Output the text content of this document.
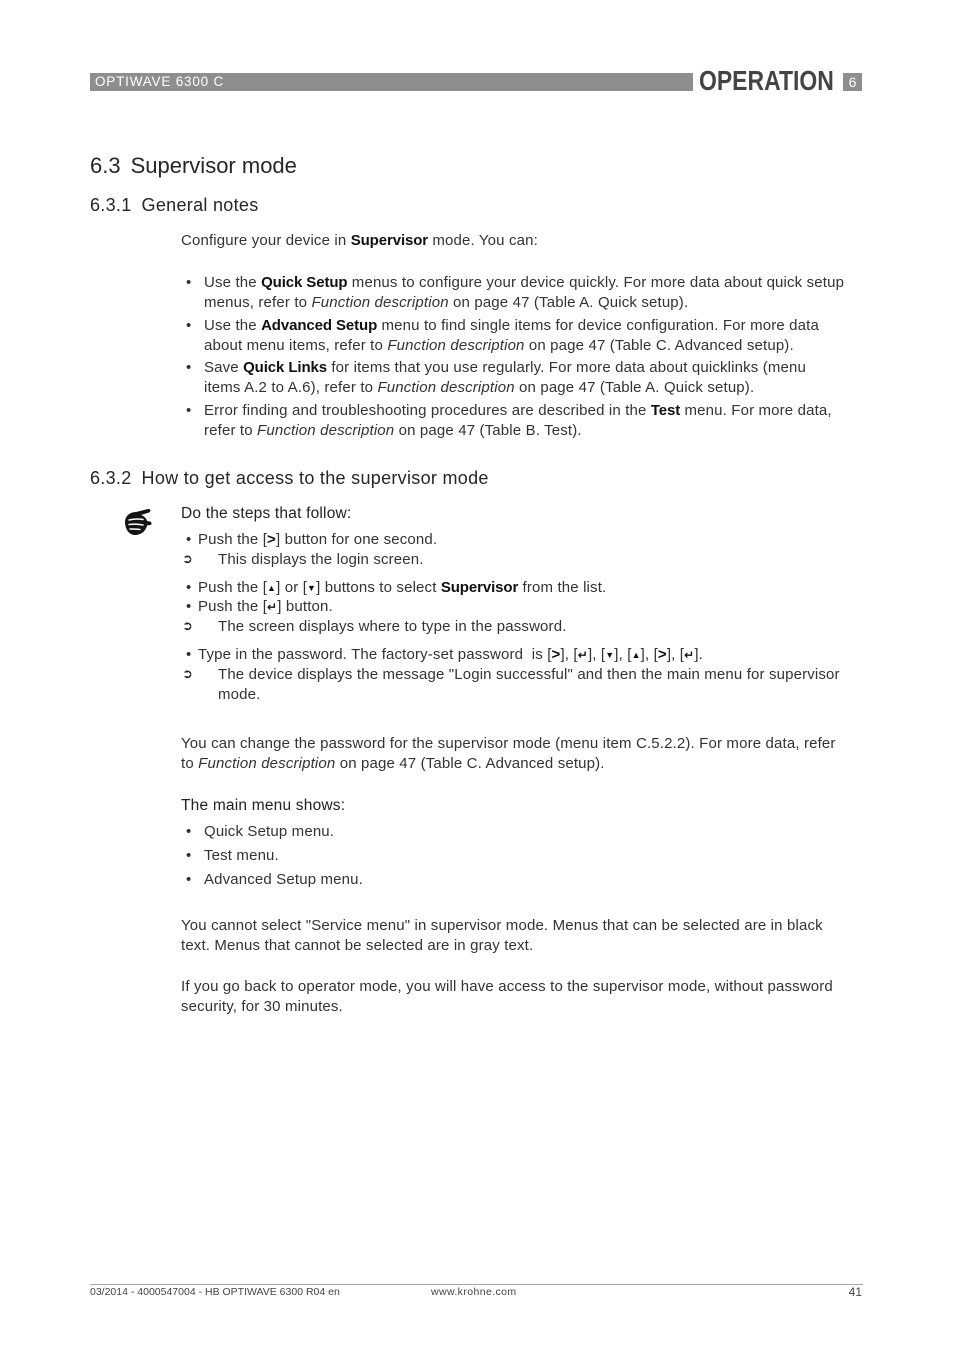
OPTIWAVE 6300 C	OPERATION	6
6.3 Supervisor mode
6.3.1 General notes
Configure your device in Supervisor mode. You can:
•
Use the Quick Setup menus to configure your device quickly. For more data about quick setup
menus, refer to Function description on page 47 (Table A. Quick setup).
•
Use the Advanced Setup menu to find single items for device configuration. For more data
about menu items, refer to Function description on page 47 (Table C. Advanced setup).
•
Save Quick Links for items that you use regularly. For more data about quicklinks (menu
items A.2 to A.6), refer to Function description on page 47 (Table A. Quick setup).
•
Error finding and troubleshooting procedures are described in the Test menu. For more data,
refer to Function description on page 47 (Table B. Test).
6.3.2 How to get access to the supervisor mode
Do the steps that follow:
•
Push the [>] button for one second.
➲
This displays the login screen.
•
Push the [▲] or [▼] buttons to select Supervisor from the list.
•
Push the [↵] button.
➲
The screen displays where to type in the password.
•
Type in the password. The factory-set password  is [>], [↵], [▼], [▲], [>], [↵].
➲
The device displays the message "Login successful" and then the main menu for supervisor
mode.
You can change the password for the supervisor mode (menu item C.5.2.2). For more data, refer
to Function description on page 47 (Table C. Advanced setup).
The main menu shows:
•
Quick Setup menu.
•
Test menu.
•
Advanced Setup menu.
You cannot select "Service menu" in supervisor mode. Menus that can be selected are in black
text. Menus that cannot be selected are in gray text.
If you go back to operator mode, you will have access to the supervisor mode, without password
security, for 30 minutes.
03/2014 - 4000547004 - HB OPTIWAVE 6300 R04 en	www.krohne.com	41
